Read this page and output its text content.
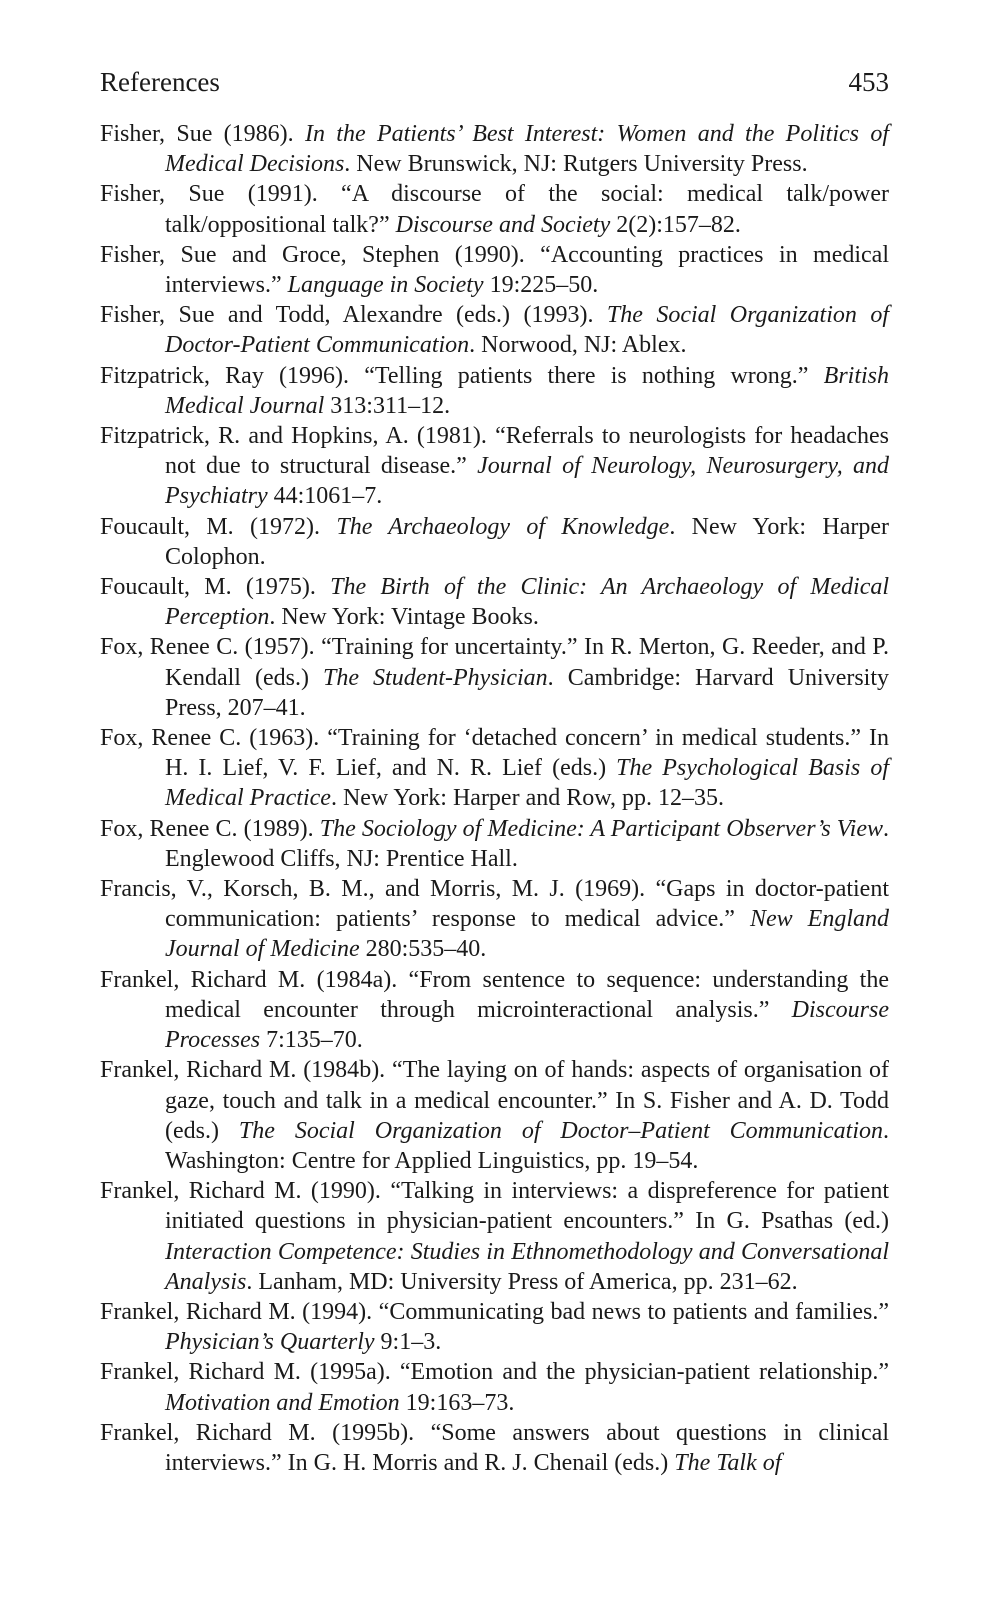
References	453
Fisher, Sue (1986). In the Patients’ Best Interest: Women and the Politics of Medical Decisions. New Brunswick, NJ: Rutgers University Press.
Fisher, Sue (1991). “A discourse of the social: medical talk/power talk/oppositional talk?” Discourse and Society 2(2):157–82.
Fisher, Sue and Groce, Stephen (1990). “Accounting practices in medical interviews.” Language in Society 19:225–50.
Fisher, Sue and Todd, Alexandre (eds.) (1993). The Social Organization of Doctor-Patient Communication. Norwood, NJ: Ablex.
Fitzpatrick, Ray (1996). “Telling patients there is nothing wrong.” British Medical Journal 313:311–12.
Fitzpatrick, R. and Hopkins, A. (1981). “Referrals to neurologists for headaches not due to structural disease.” Journal of Neurology, Neurosurgery, and Psychiatry 44:1061–7.
Foucault, M. (1972). The Archaeology of Knowledge. New York: Harper Colophon.
Foucault, M. (1975). The Birth of the Clinic: An Archaeology of Medical Perception. New York: Vintage Books.
Fox, Renee C. (1957). “Training for uncertainty.” In R. Merton, G. Reeder, and P. Kendall (eds.) The Student-Physician. Cambridge: Harvard University Press, 207–41.
Fox, Renee C. (1963). “Training for ‘detached concern’ in medical students.” In H. I. Lief, V. F. Lief, and N. R. Lief (eds.) The Psychological Basis of Medical Practice. New York: Harper and Row, pp. 12–35.
Fox, Renee C. (1989). The Sociology of Medicine: A Participant Observer’s View. Englewood Cliffs, NJ: Prentice Hall.
Francis, V., Korsch, B. M., and Morris, M. J. (1969). “Gaps in doctor-patient communication: patients’ response to medical advice.” New England Journal of Medicine 280:535–40.
Frankel, Richard M. (1984a). “From sentence to sequence: understanding the medical encounter through microinteractional analysis.” Discourse Processes 7:135–70.
Frankel, Richard M. (1984b). “The laying on of hands: aspects of organisation of gaze, touch and talk in a medical encounter.” In S. Fisher and A. D. Todd (eds.) The Social Organization of Doctor–Patient Communication. Washington: Centre for Applied Linguistics, pp. 19–54.
Frankel, Richard M. (1990). “Talking in interviews: a dispreference for patient initiated questions in physician-patient encounters.” In G. Psathas (ed.) Interaction Competence: Studies in Ethnomethodology and Conversational Analysis. Lanham, MD: University Press of America, pp. 231–62.
Frankel, Richard M. (1994). “Communicating bad news to patients and families.” Physician’s Quarterly 9:1–3.
Frankel, Richard M. (1995a). “Emotion and the physician-patient relationship.” Motivation and Emotion 19:163–73.
Frankel, Richard M. (1995b). “Some answers about questions in clinical interviews.” In G. H. Morris and R. J. Chenail (eds.) The Talk of
